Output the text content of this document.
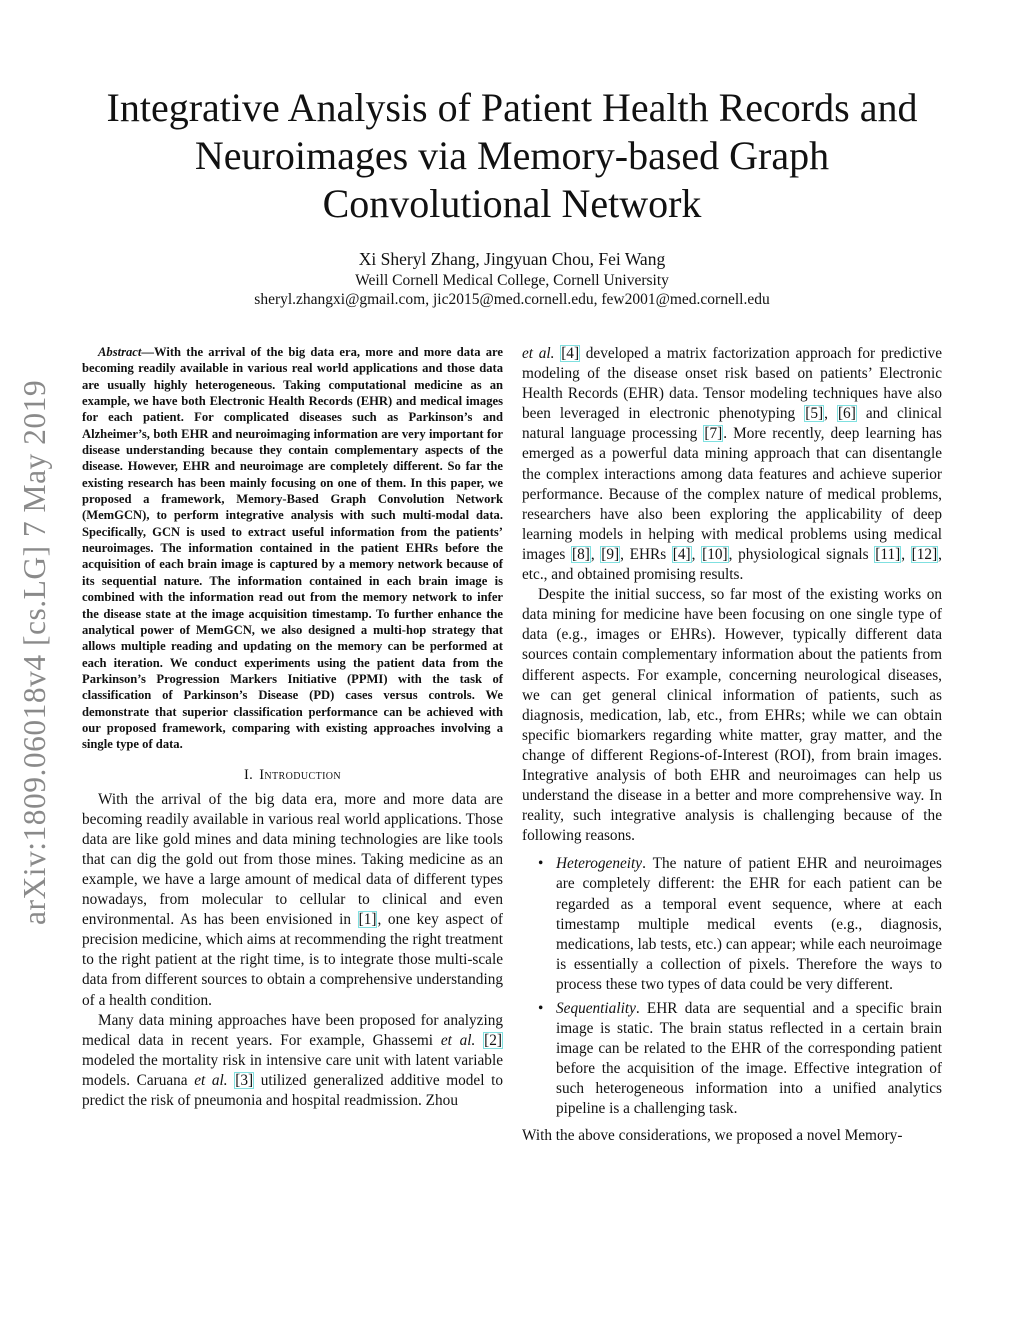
arXiv:1809.06018v4 [cs.LG] 7 May 2019
Integrative Analysis of Patient Health Records and
Neuroimages via Memory-based Graph
Convolutional Network
Xi Sheryl Zhang, Jingyuan Chou, Fei Wang
Weill Cornell Medical College, Cornell University
sheryl.zhangxi@gmail.com, jic2015@med.cornell.edu, few2001@med.cornell.edu

Abstract—With the arrival of the big data era, more and more data are becoming readily available in various real world applications and those data are usually highly heterogeneous. Taking computational medicine as an example, we have both Electronic Health Records (EHR) and medical images for each patient. For complicated diseases such as Parkinson’s and Alzheimer’s, both EHR and neuroimaging information are very important for disease understanding because they contain complementary aspects of the disease. However, EHR and neuroimage are completely different. So far the existing research has been mainly focusing on one of them. In this paper, we proposed a framework, Memory-Based Graph Convolution Network (MemGCN), to perform integrative analysis with such multi-modal data. Specifically, GCN is used to extract useful information from the patients’ neuroimages. The information contained in the patient EHRs before the acquisition of each brain image is captured by a memory network because of its sequential nature. The information contained in each brain image is combined with the information read out from the memory network to infer the disease state at the image acquisition timestamp. To further enhance the analytical power of MemGCN, we also designed a multi-hop strategy that allows multiple reading and updating on the memory can be performed at each iteration. We conduct experiments using the patient data from the Parkinson’s Progression Markers Initiative (PPMI) with the task of classification of Parkinson’s Disease (PD) cases versus controls. We demonstrate that superior classification performance can be achieved with our proposed framework, comparing with existing approaches involving a single type of data.

I. Introduction

With the arrival of the big data era, more and more data are becoming readily available in various real world applications. Those data are like gold mines and data mining technologies are like tools that can dig the gold out from those mines. Taking medicine as an example, we have a large amount of medical data of different types nowadays, from molecular to cellular to clinical and even environmental. As has been envisioned in [1], one key aspect of precision medicine, which aims at recommending the right treatment to the right patient at the right time, is to integrate those multi-scale data from different sources to obtain a comprehensive understanding of a health condition.

Many data mining approaches have been proposed for analyzing medical data in recent years. For example, Ghassemi et al. [2] modeled the mortality risk in intensive care unit with latent variable models. Caruana et al. [3] utilized generalized additive model to predict the risk of pneumonia and hospital readmission. Zhou

et al. [4] developed a matrix factorization approach for predictive modeling of the disease onset risk based on patients’ Electronic Health Records (EHR) data. Tensor modeling techniques have also been leveraged in electronic phenotyping [5], [6] and clinical natural language processing [7]. More recently, deep learning has emerged as a powerful data mining approach that can disentangle the complex interactions among data features and achieve superior performance. Because of the complex nature of medical problems, researchers have also been exploring the applicability of deep learning models in helping with medical problems using medical images [8], [9], EHRs [4], [10], physiological signals [11], [12], etc., and obtained promising results.

Despite the initial success, so far most of the existing works on data mining for medicine have been focusing on one single type of data (e.g., images or EHRs). However, typically different data sources contain complementary information about the patients from different aspects. For example, concerning neurological diseases, we can get general clinical information of patients, such as diagnosis, medication, lab, etc., from EHRs; while we can obtain specific biomarkers regarding white matter, gray matter, and the change of different Regions-of-Interest (ROI), from brain images. Integrative analysis of both EHR and neuroimages can help us understand the disease in a better and more comprehensive way. In reality, such integrative analysis is challenging because of the following reasons.

• Heterogeneity. The nature of patient EHR and neuroimages are completely different: the EHR for each patient can be regarded as a temporal event sequence, where at each timestamp multiple medical events (e.g., diagnosis, medications, lab tests, etc.) can appear; while each neuroimage is essentially a collection of pixels. Therefore the ways to process these two types of data could be very different.
• Sequentiality. EHR data are sequential and a specific brain image is static. The brain status reflected in a certain brain image can be related to the EHR of the corresponding patient before the acquisition of the image. Effective integration of such heterogeneous information into a unified analytics pipeline is a challenging task.

With the above considerations, we proposed a novel Memory-
